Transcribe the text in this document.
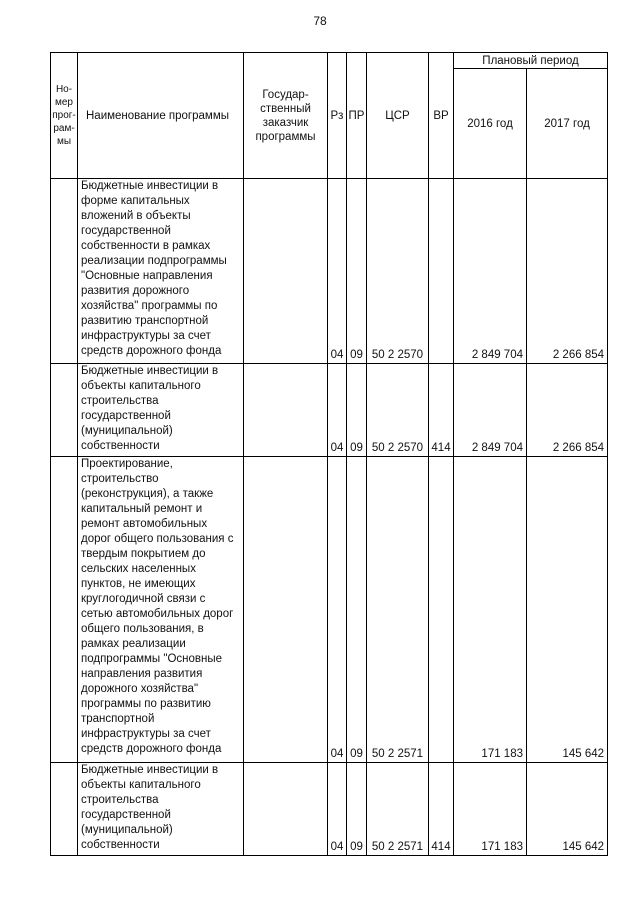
78
Но-
мер
прог-
рам-
мы	Наименование программы	Государ-
ственный
заказчик
программы	Рз	ПР	ЦСР	ВР	Плановый период	
							2016 год	2017 год
	Бюджетные инвестиции в форме капитальных вложений в объекты государственной собственности в рамках реализации подпрограммы "Основные направления развития дорожного хозяйства" программы по развитию транспортной инфраструктуры за счет средств дорожного фонда		04	09	50 2 2570		2 849 704	2 266 854
	Бюджетные инвестиции в объекты капитального строительства государственной (муниципальной) собственности		04	09	50 2 2570	414	2 849 704	2 266 854
	Проектирование, строительство (реконструкция), а также капитальный ремонт и ремонт автомобильных дорог общего пользования с твердым покрытием до сельских населенных пунктов, не имеющих круглогодичной связи с сетью автомобильных дорог общего пользования, в рамках реализации подпрограммы "Основные направления развития дорожного хозяйства" программы по развитию транспортной инфраструктуры за счет средств дорожного фонда		04	09	50 2 2571		171 183	145 642
	Бюджетные инвестиции в объекты капитального строительства государственной (муниципальной) собственности		04	09	50 2 2571	414	171 183	145 642
